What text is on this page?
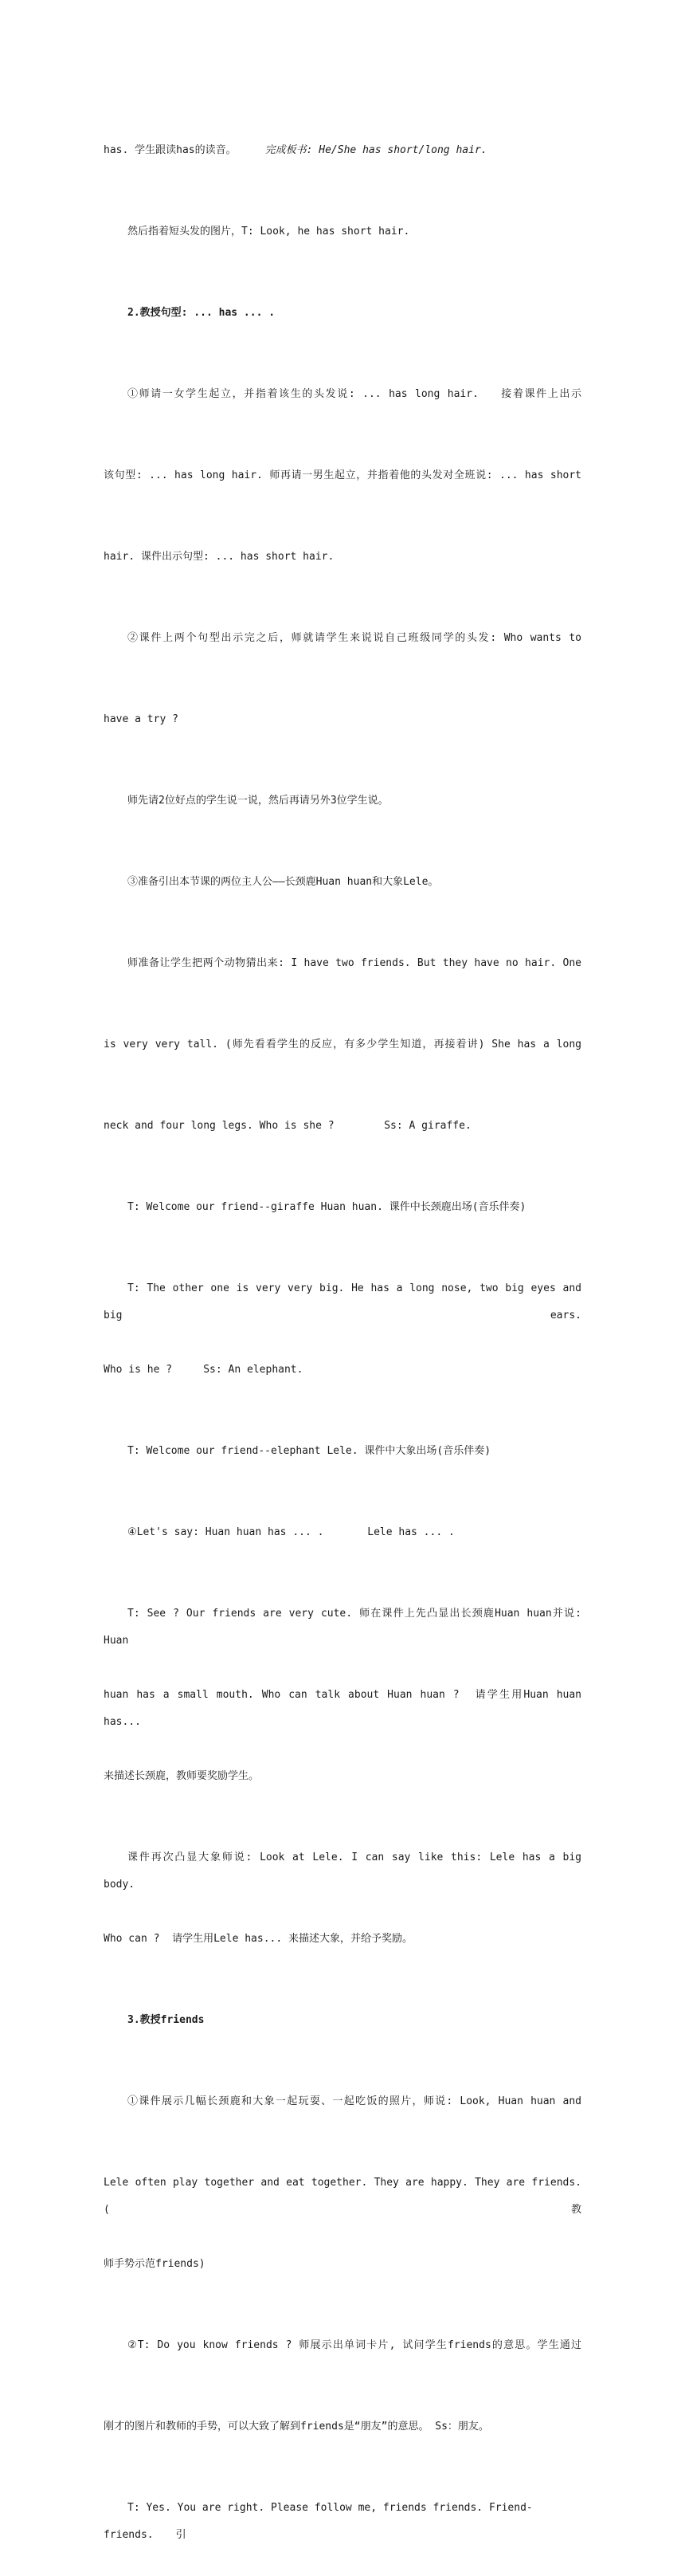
has. 学生跟读has的读音。	完成板书: He/She has short/long hair.

然后指着短头发的图片，T: Look, he has short hair.

2.教授句型: ... has ... .

①师请一女学生起立，并指着该生的头发说: ... has long hair.   接着课件上出示

该句型: ... has long hair. 师再请一男生起立，并指着他的头发对全班说: ... has short

hair. 课件出示句型: ... has short hair.

②课件上两个句型出示完之后，师就请学生来说说自己班级同学的头发: Who wants to

have a try ?

师先请2位好点的学生说一说，然后再请另外3位学生说。

③准备引出本节课的两位主人公——长颈鹿Huan huan和大象Lele。

师准备让学生把两个动物猜出来: I have two friends. But they have no hair. One

is very very tall. (师先看看学生的反应，有多少学生知道，再接着讲) She has a long

neck and four long legs. Who is she ?        Ss: A giraffe.

T: Welcome our friend--giraffe Huan huan. 课件中长颈鹿出场(音乐伴奏)

T: The other one is very very big. He has a long nose, two big eyes and big ears.

Who is he ?     Ss: An elephant.

T: Welcome our friend--elephant Lele. 课件中大象出场(音乐伴奏)

④Let's say: Huan huan has ... .       Lele has ... .

T: See ? Our friends are very cute. 师在课件上先凸显出长颈鹿Huan huan并说: Huan

huan has a small mouth. Who can talk about Huan huan ?  请学生用Huan huan has...

来描述长颈鹿，教师要奖励学生。

课件再次凸显大象师说: Look at Lele. I can say like this: Lele has a big body.

Who can ?  请学生用Lele has... 来描述大象，并给予奖励。

3.教授friends

①课件展示几幅长颈鹿和大象一起玩耍、一起吃饭的照片，师说: Look, Huan huan and

Lele often play together and eat together. They are happy. They are friends.(教

师手势示范friends)

②T: Do you know friends ? 师展示出单词卡片, 试问学生friends的意思。学生通过

刚才的图片和教师的手势，可以大致了解到friends是“朋友”的意思。 Ss：朋友。

T: Yes. You are right. Please follow me, friends friends. Friend-friends. 引
